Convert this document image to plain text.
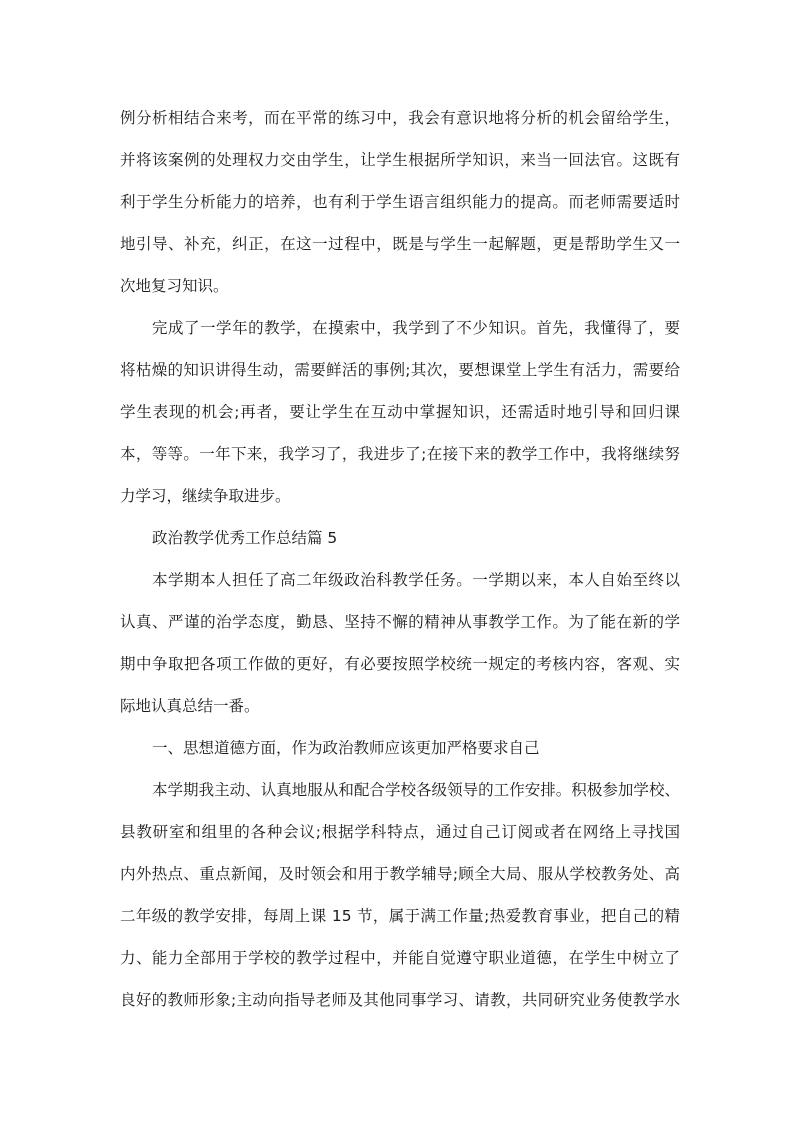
例分析相结合来考，而在平常的练习中，我会有意识地将分析的机会留给学生，
并将该案例的处理权力交由学生，让学生根据所学知识，来当一回法官。这既有
利于学生分析能力的培养，也有利于学生语言组织能力的提高。而老师需要适时
地引导、补充，纠正，在这一过程中，既是与学生一起解题，更是帮助学生又一
次地复习知识。
完成了一学年的教学，在摸索中，我学到了不少知识。首先，我懂得了，要
将枯燥的知识讲得生动，需要鲜活的事例;其次，要想课堂上学生有活力，需要给
学生表现的机会;再者，要让学生在互动中掌握知识，还需适时地引导和回归课
本，等等。一年下来，我学习了，我进步了;在接下来的教学工作中，我将继续努
力学习，继续争取进步。
政治教学优秀工作总结篇 5
本学期本人担任了高二年级政治科教学任务。一学期以来，本人自始至终以
认真、严谨的治学态度，勤恳、坚持不懈的精神从事教学工作。为了能在新的学
期中争取把各项工作做的更好，有必要按照学校统一规定的考核内容，客观、实
际地认真总结一番。
一、思想道德方面，作为政治教师应该更加严格要求自己
本学期我主动、认真地服从和配合学校各级领导的工作安排。积极参加学校、
县教研室和组里的各种会议;根据学科特点，通过自己订阅或者在网络上寻找国
内外热点、重点新闻，及时领会和用于教学辅导;顾全大局、服从学校教务处、高
二年级的教学安排，每周上课 15 节，属于满工作量;热爱教育事业，把自己的精
力、能力全部用于学校的教学过程中，并能自觉遵守职业道德，在学生中树立了
良好的教师形象;主动向指导老师及其他同事学习、请教，共同研究业务使教学水
